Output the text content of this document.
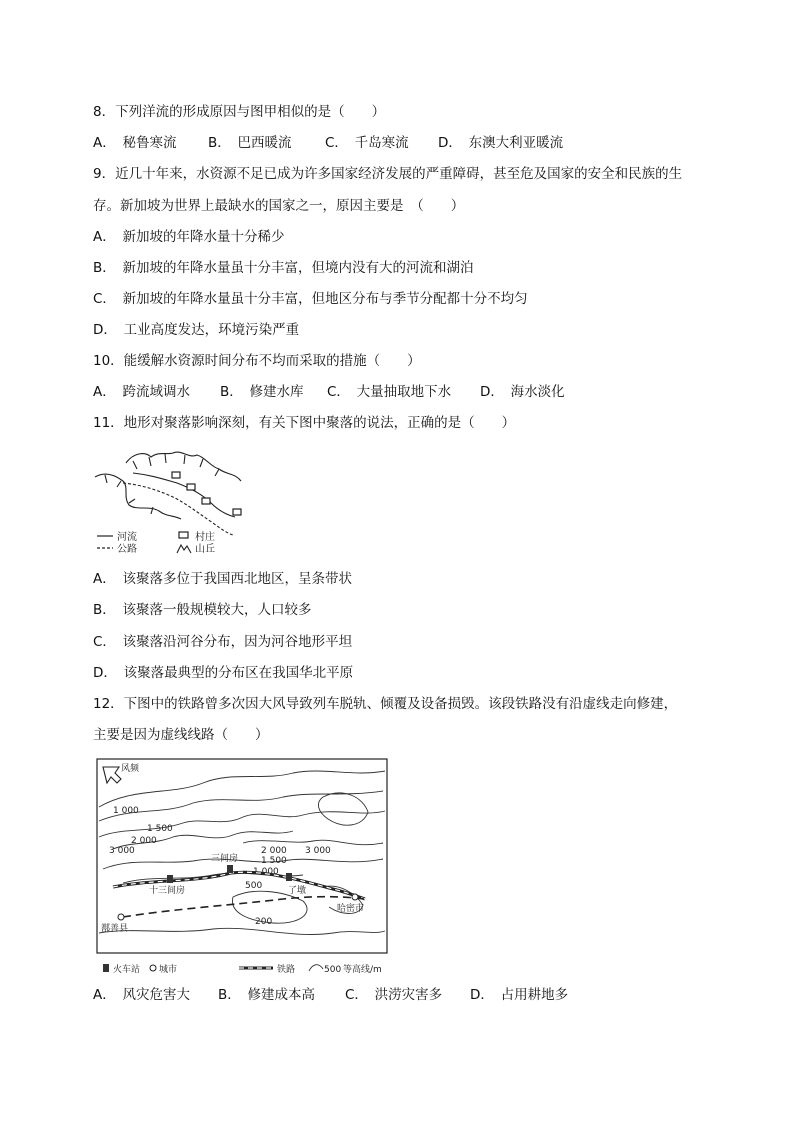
8．下列洋流的形成原因与图甲相似的是（　　）
A．　秘鲁寒流 B．　巴西暖流 C．　千岛寒流 D．　东澳大利亚暖流
9．近几十年来，水资源不足已成为许多国家经济发展的严重障碍，甚至危及国家的安全和民族的生
存。新加坡为世界上最缺水的国家之一，原因主要是　（　　）
A．　新加坡的年降水量十分稀少
B．　新加坡的年降水量虽十分丰富，但境内没有大的河流和湖泊
C．　新加坡的年降水量虽十分丰富，但地区分布与季节分配都十分不均匀
D．　工业高度发达，环境污染严重
10．能缓解水资源时间分布不均而采取的措施（　　）
A．　跨流域调水 B．　修建水库 C．　大量抽取地下水 D．　海水淡化
11．地形对聚落影响深刻，有关下图中聚落的说法，正确的是（　　）
河流
公路
村庄
山丘
A．　该聚落多位于我国西北地区，呈条带状
B．　该聚落一般规模较大，人口较多
C．　该聚落沿河谷分布，因为河谷地形平坦
D．　该聚落最典型的分布区在我国华北平原
12．下图中的铁路曾多次因大风导致列车脱轨、倾覆及设备损毁。该段铁路没有沿虚线走向修建，
主要是因为虚线线路（　　）
风频
1 000
1 500
2 000
3 000	2 000 3 000
1 500
1 000
500
200
十三间房
三间房
了墩
鄯善县
哈密市
火车站 城市	铁路	500 等高线/m
A．　风灾危害大 B．　修建成本高 C．　洪涝灾害多 D．　占用耕地多
